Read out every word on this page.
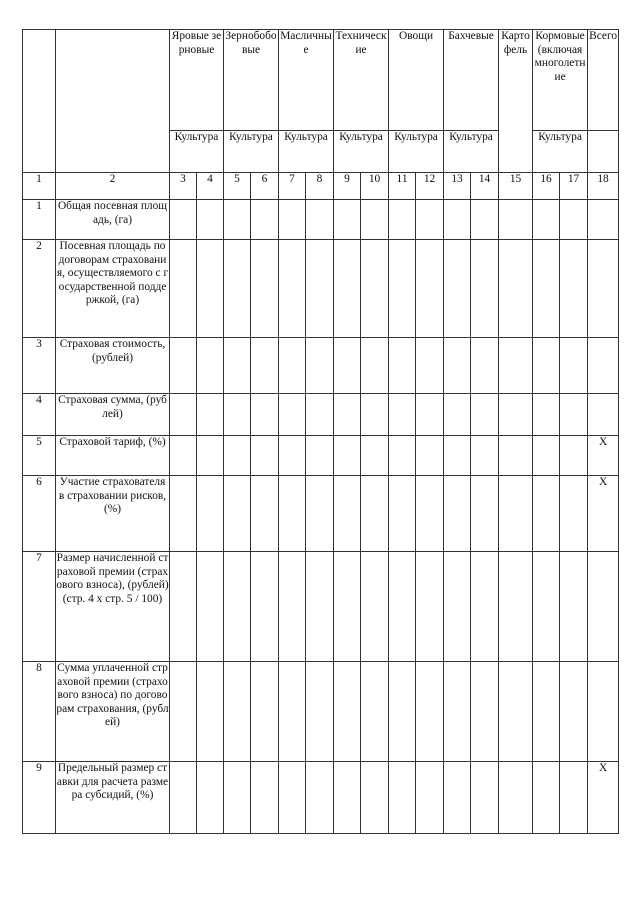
		Яровые зерновые		Зернобобовые		Масличные		Технические		Овощи		Бахчевые		Картофель	Кормовые (включая многолетние		Всего
		Культура		Культура		Культура		Культура		Культура		Культура			Культура		
1	2	3	4	5	6	7	8	9	10	11	12	13	14	15	16	17	18
1	Общая посевная площадь, (га)																
2	Посевная площадь по договорам страхования, осуществляемого с государственной поддержкой, (га)																
3	Страховая стоимость, (рублей)																
4	Страховая сумма, (рублей)																
5	Страховой тариф, (%)																X
6	Участие страхователя в страховании рисков, (%)																X
7	Размер начисленной страховой премии (страхового взноса), (рублей) (стр. 4 x стр. 5 / 100)																
8	Сумма уплаченной страховой премии (страхового взноса) по договорам страхования, (рублей)																
9	Предельный размер ставки для расчета размера субсидий, (%)																X
